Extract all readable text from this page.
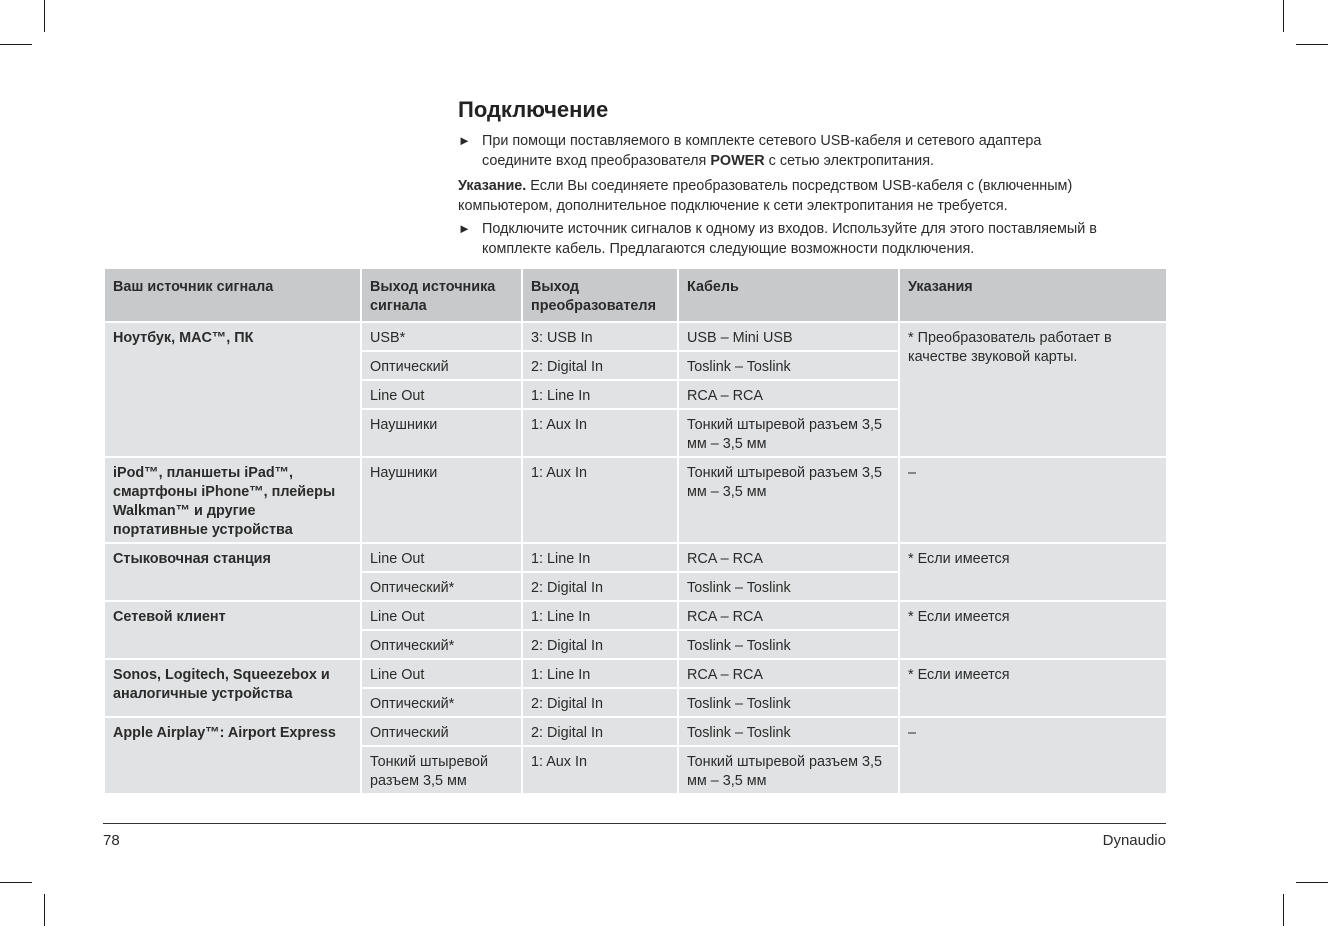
Подключение
► При помощи поставляемого в комплекте сетевого USB-кабеля и сетевого адаптера
соедините вход преобразователя POWER с сетью электропитания.
Указание. Если Вы соединяете преобразователь посредством USB-кабеля с (включенным)
компьютером, дополнительное подключение к сети электропитания не требуется.
► Подключите источник сигналов к одному из входов. Используйте для этого поставляемый в
комплекте кабель. Предлагаются следующие возможности подключения.
Ваш источник сигнала	Выход источника сигнала	Выход преобразователя	Кабель	Указания
Ноутбук, MAC™, ПК	USB*	3: USB In	USB – Mini USB	* Преобразователь работает в качестве звуковой карты.
	Оптический	2: Digital In	Toslink – Toslink	
	Line Out	1: Line In	RCA – RCA	
	Наушники	1: Aux In	Тонкий штыревой разъем 3,5 мм – 3,5 мм	
iPod™, планшеты iPad™, смартфоны iPhone™, плейеры Walkman™ и другие портативные устройства	Наушники	1: Aux In	Тонкий штыревой разъем 3,5 мм – 3,5 мм	–
Стыковочная станция	Line Out	1: Line In	RCA – RCA	* Если имеется
	Оптический*	2: Digital In	Toslink – Toslink	
Сетевой клиент	Line Out	1: Line In	RCA – RCA	* Если имеется
	Оптический*	2: Digital In	Toslink – Toslink	
Sonos, Logitech, Squeezebox и аналогичные устройства	Line Out	1: Line In	RCA – RCA	* Если имеется
	Оптический*	2: Digital In	Toslink – Toslink	
Apple Airplay™: Airport Express	Оптический	2: Digital In	Toslink – Toslink	–
	Тонкий штыревой разъем 3,5 мм	1: Aux In	Тонкий штыревой разъем 3,5 мм – 3,5 мм	
78	Dynaudio
